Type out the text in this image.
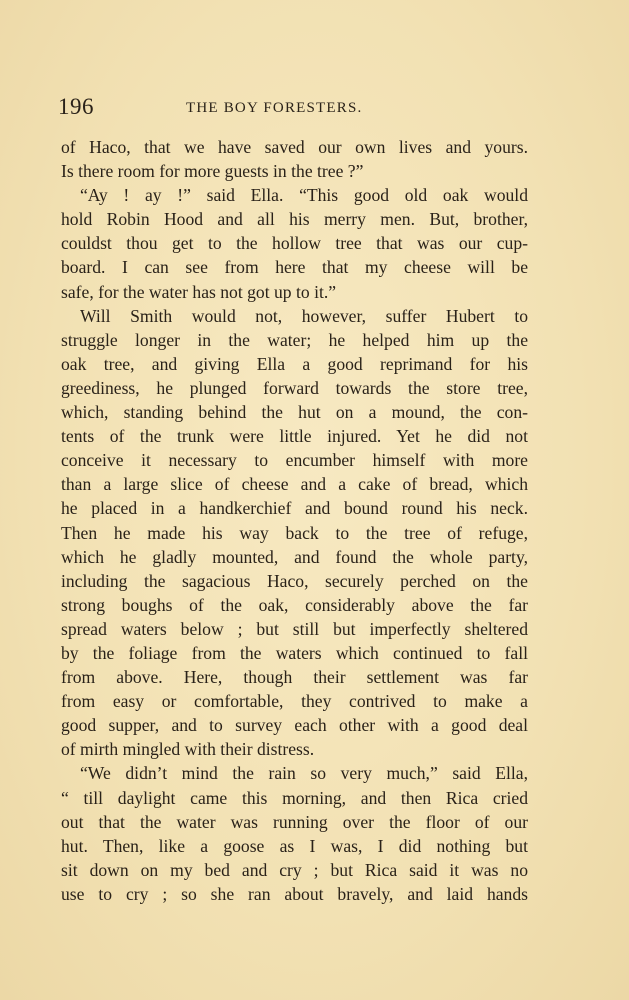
196	THE BOY FORESTERS.
of Haco, that we have saved our own lives and yours.
Is there room for more guests in the tree ?”
“Ay ! ay !” said Ella. “This good old oak would
hold Robin Hood and all his merry men. But, brother,
couldst thou get to the hollow tree that was our cup-
board. I can see from here that my cheese will be
safe, for the water has not got up to it.”
Will Smith would not, however, suffer Hubert to
struggle longer in the water; he helped him up the
oak tree, and giving Ella a good reprimand for his
greediness, he plunged forward towards the store tree,
which, standing behind the hut on a mound, the con-
tents of the trunk were little injured. Yet he did not
conceive it necessary to encumber himself with more
than a large slice of cheese and a cake of bread, which
he placed in a handkerchief and bound round his neck.
Then he made his way back to the tree of refuge,
which he gladly mounted, and found the whole party,
including the sagacious Haco, securely perched on the
strong boughs of the oak, considerably above the far
spread waters below ; but still but imperfectly sheltered
by the foliage from the waters which continued to fall
from above. Here, though their settlement was far
from easy or comfortable, they contrived to make a
good supper, and to survey each other with a good deal
of mirth mingled with their distress.
“We didn’t mind the rain so very much,” said Ella,
“ till daylight came this morning, and then Rica cried
out that the water was running over the floor of our
hut. Then, like a goose as I was, I did nothing but
sit down on my bed and cry ; but Rica said it was no
use to cry ; so she ran about bravely, and laid hands
